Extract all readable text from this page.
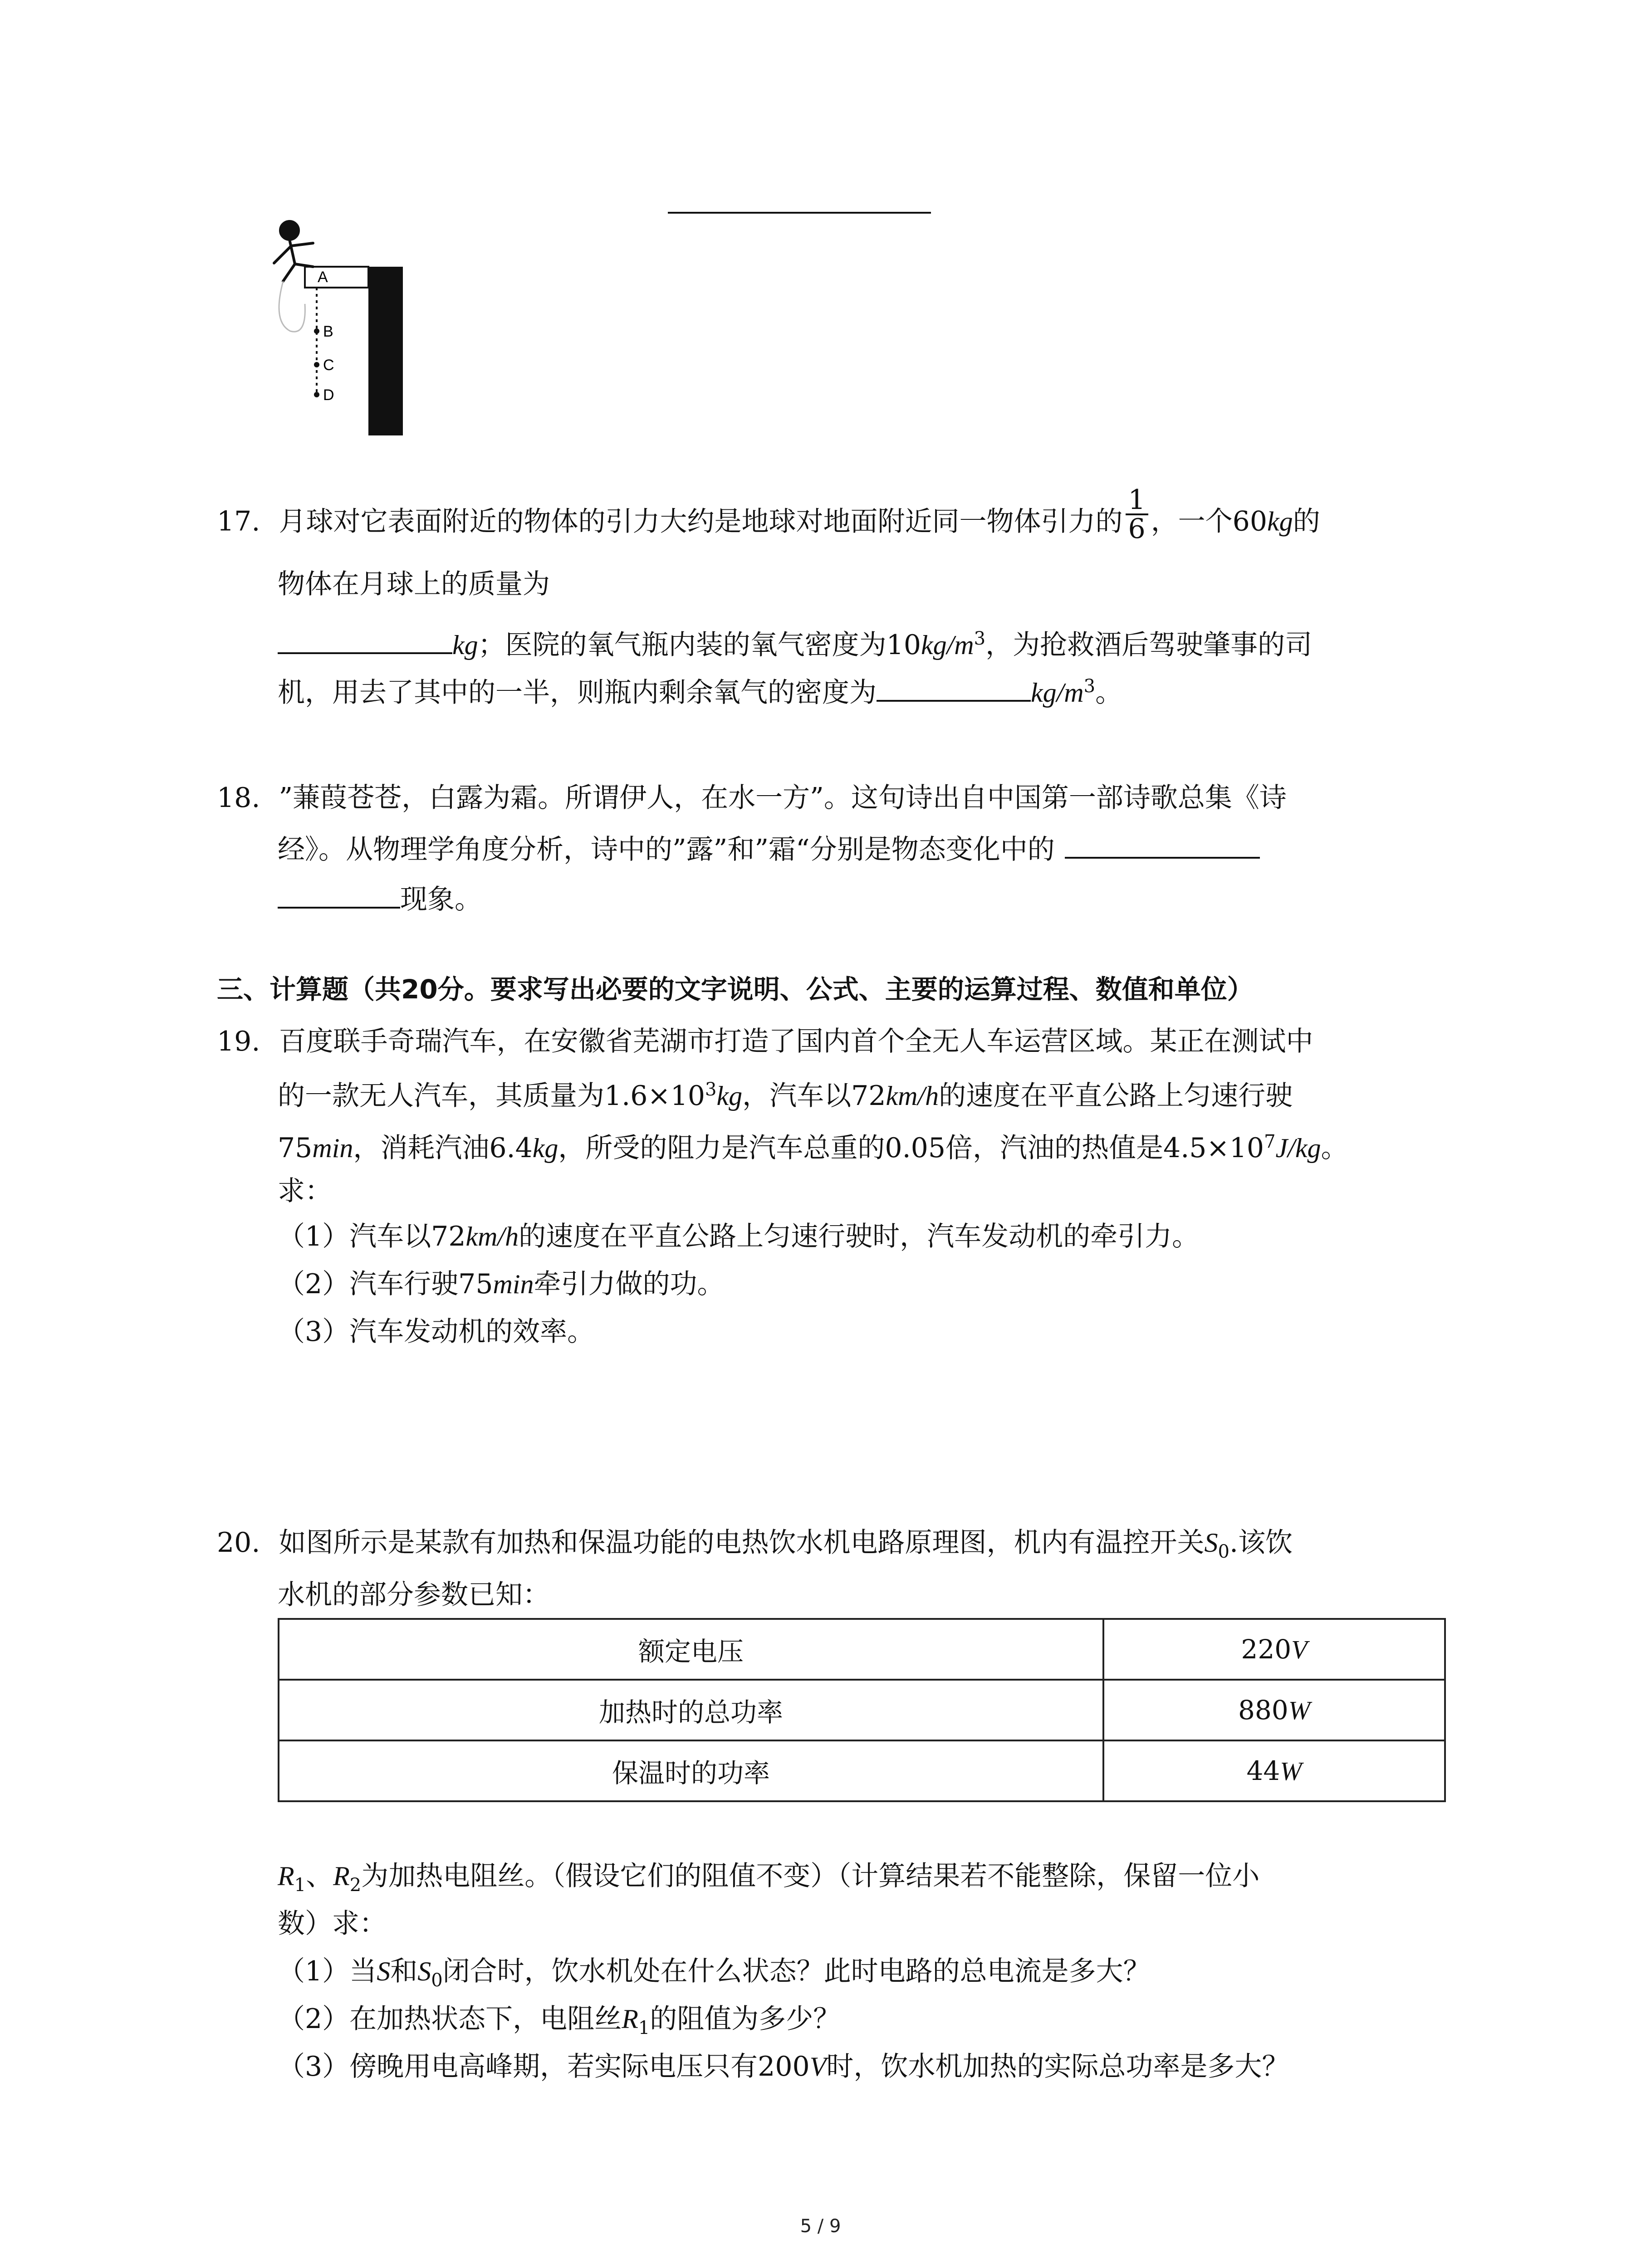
A
B
C
D
17. 月球对它表面附近的物体的引力大约是地球对地面附近同一物体引力的 $\frac{1}{6}$ ，一个60kg的
物体在月球上的质量为
kg；医院的氧气瓶内装的氧气密度为$10kg/m^3$，为抢救酒后驾驶肇事的司
机，用去了其中的一半，则瓶内剩余氧气的密度为	$kg/m^3$。
18. ”蒹葭苍苍，白露为霜。所谓伊人，在水一方”。这句诗出自中国第一部诗歌总集《诗
经》。从物理学角度分析，诗中的”露”和”霜“分别是物态变化中的
现象。
三、计算题（共20分。要求写出必要的文字说明、公式、主要的运算过程、数值和单位）
19. 百度联手奇瑞汽车，在安徽省芜湖市打造了国内首个全无人车运营区域。某正在测试中
的一款无人汽车，其质量为$1.6\times 10^3kg$，汽车以72km/h的速度在平直公路上匀速行驶
75min，消耗汽油6.4kg，所受的阻力是汽车总重的0.05倍，汽油的热值是$4.5\times 10^7J/kg$。
求：
（1）汽车以72km/h的速度在平直公路上匀速行驶时，汽车发动机的牵引力。
（2）汽车行驶75min牵引力做的功。
（3）汽车发动机的效率。
20. 如图所示是某款有加热和保温功能的电热饮水机电路原理图，机内有温控开关$S_0$.该饮
水机的部分参数已知：
额定电压	220V
加热时的总功率	880W
保温时的功率	44W
$R_1$、$R_2$为加热电阻丝。（假设它们的阻值不变）（计算结果若不能整除，保留一位小
数）求：
（1）当S和$S_0$闭合时，饮水机处在什么状态？此时电路的总电流是多大？
（2）在加热状态下，电阻丝$R_1$的阻值为多少？
（3）傍晚用电高峰期，若实际电压只有200V时，饮水机加热的实际总功率是多大？
5 / 9
